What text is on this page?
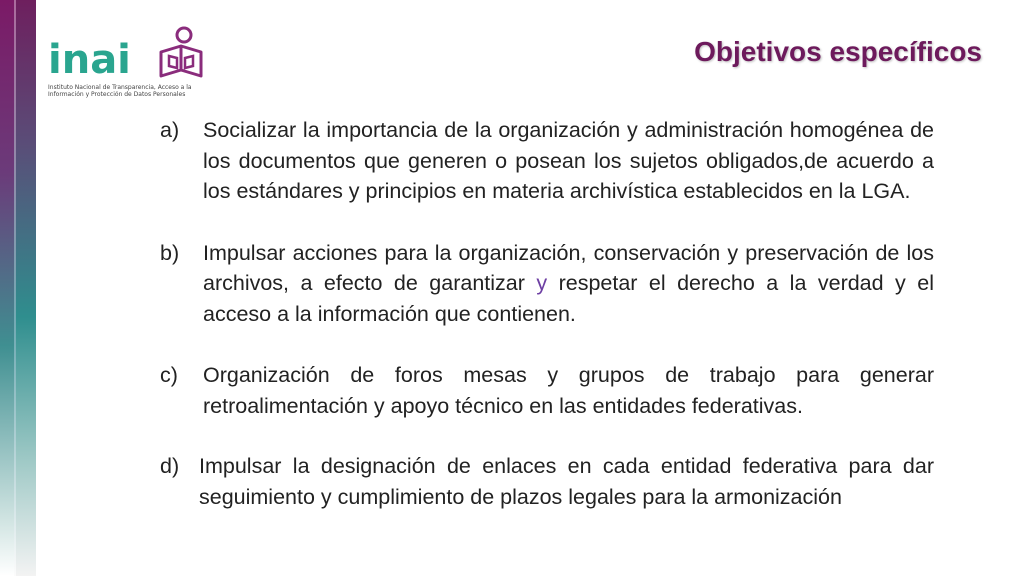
inai
Instituto Nacional de Transparencia, Acceso a la Información y Protección de Datos Personales
Objetivos específicos
a) Socializar la importancia de la organización y administración homogénea de los documentos que generen o posean los sujetos obligados,de acuerdo a los estándares y principios en materia archivística establecidos en la LGA.
b) Impulsar acciones para la organización, conservación y preservación de los archivos, a efecto de garantizar y respetar el derecho a la verdad y el acceso a la información que contienen.
c) Organización de foros mesas y grupos de trabajo para generar retroalimentación y apoyo técnico en las entidades federativas.
d) Impulsar la designación de enlaces en cada entidad federativa para dar seguimiento y cumplimiento de plazos legales para la armonización
